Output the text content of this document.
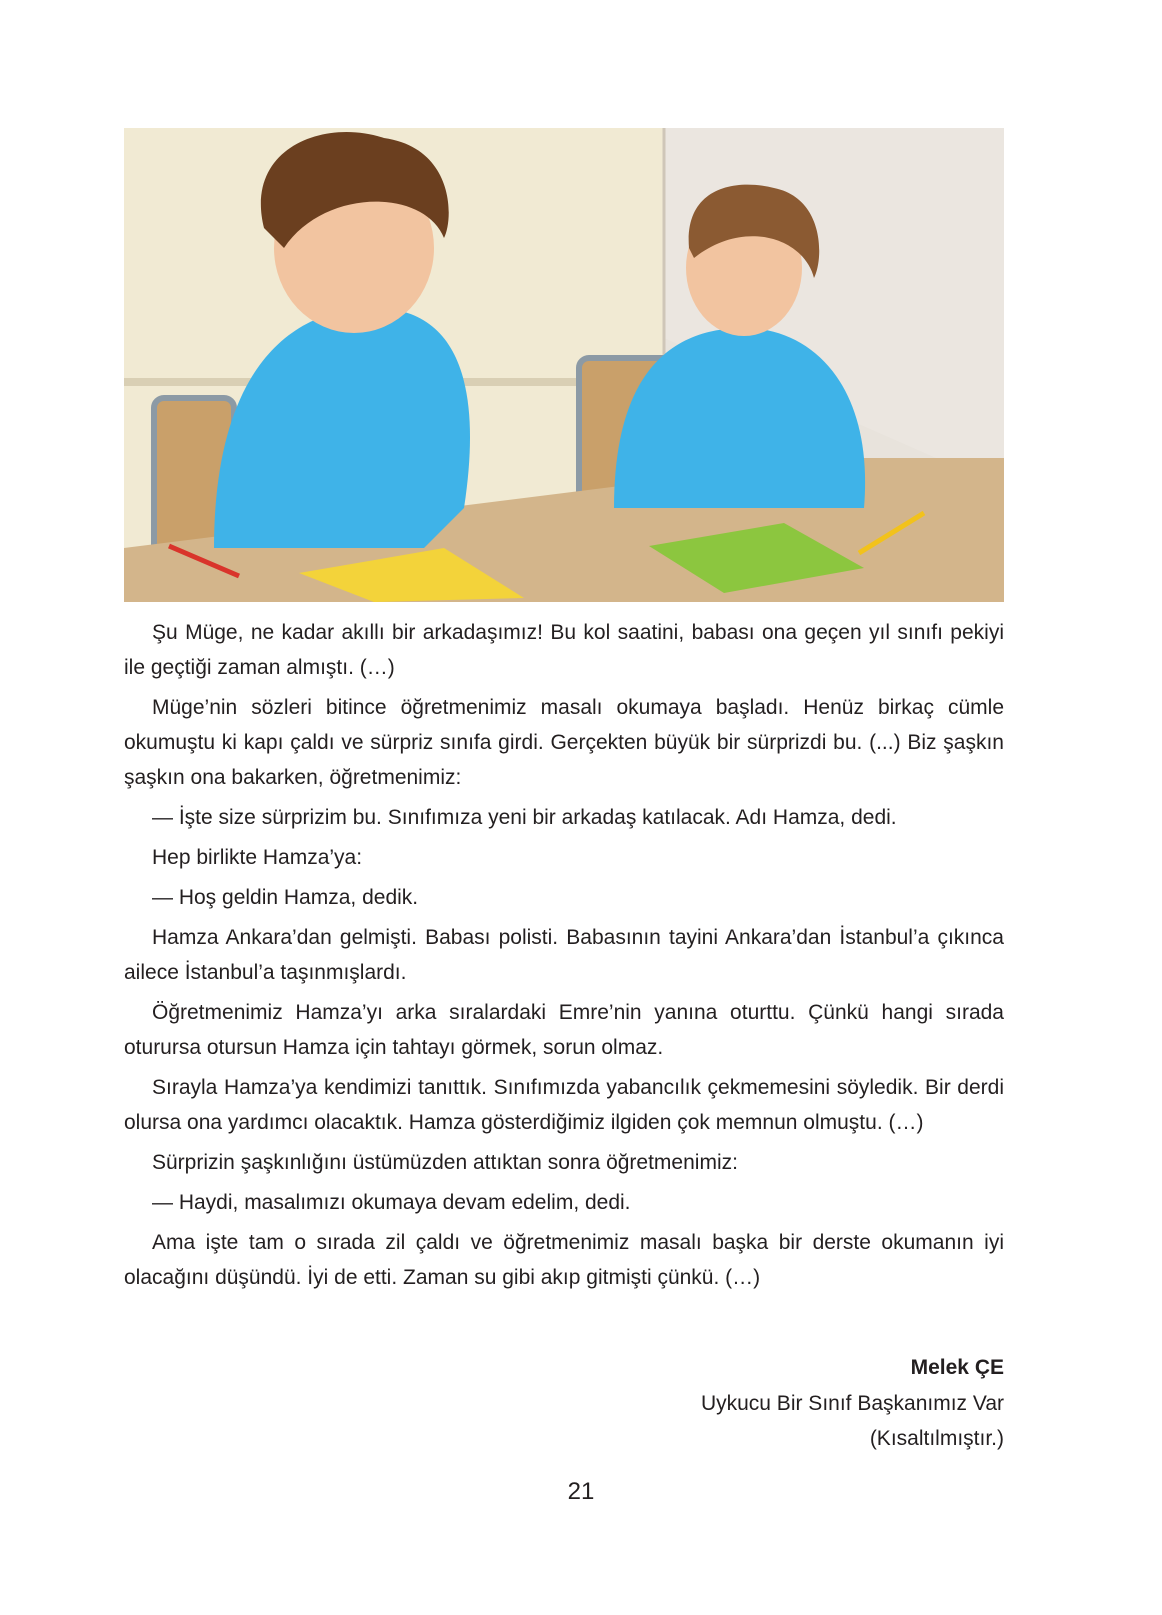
Şu Müge, ne kadar akıllı bir arkadaşımız! Bu kol saatini, babası ona geçen yıl sınıfı pekiyi ile geçtiği zaman almıştı. (…)

Müge’nin sözleri bitince öğretmenimiz masalı okumaya başladı. Henüz birkaç cümle okumuştu ki kapı çaldı ve sürpriz sınıfa girdi. Gerçekten büyük bir sürprizdi bu. (...) Biz şaşkın şaşkın ona bakarken, öğretmenimiz:

— İşte size sürprizim bu. Sınıfımıza yeni bir arkadaş katılacak. Adı Hamza, dedi.

Hep birlikte Hamza’ya:

— Hoş geldin Hamza, dedik.

Hamza Ankara’dan gelmişti. Babası polisti. Babasının tayini Ankara’dan İstanbul’a çıkınca ailece İstanbul’a taşınmışlardı.

Öğretmenimiz Hamza’yı arka sıralardaki Emre’nin yanına oturttu. Çünkü hangi sırada oturursa otursun Hamza için tahtayı görmek, sorun olmaz.

Sırayla Hamza’ya kendimizi tanıttık. Sınıfımızda yabancılık çekmemesini söyledik. Bir derdi olursa ona yardımcı olacaktık. Hamza gösterdiğimiz ilgiden çok memnun olmuştu. (…)

Sürprizin şaşkınlığını üstümüzden attıktan sonra öğretmenimiz:

— Haydi, masalımızı okumaya devam edelim, dedi.

Ama işte tam o sırada zil çaldı ve öğretmenimiz masalı başka bir derste okumanın iyi olacağını düşündü. İyi de etti. Zaman su gibi akıp gitmişti çünkü. (…)

Melek ÇE
Uykucu Bir Sınıf Başkanımız Var
(Kısaltılmıştır.)
21
